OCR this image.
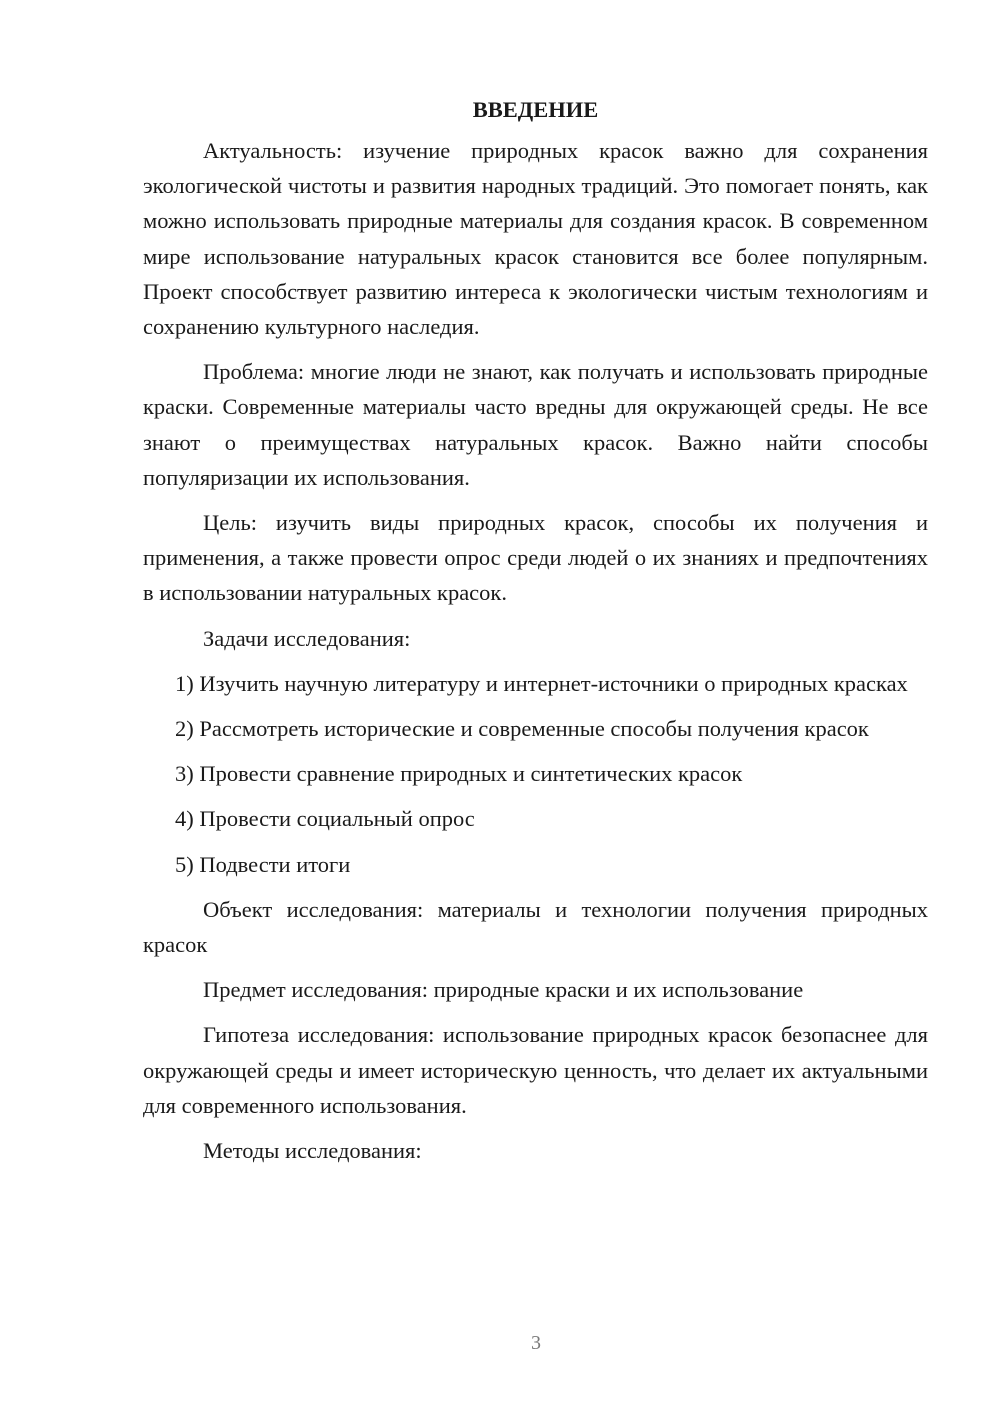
ВВЕДЕНИЕ

Актуальность: изучение природных красок важно для сохранения экологической чистоты и развития народных традиций. Это помогает понять, как можно использовать природные материалы для создания красок. В современном мире использование натуральных красок становится все более популярным. Проект способствует развитию интереса к экологически чистым технологиям и сохранению культурного наследия.

Проблема: многие люди не знают, как получать и использовать природные краски. Современные материалы часто вредны для окружающей среды. Не все знают о преимуществах натуральных красок. Важно найти способы популяризации их использования.

Цель: изучить виды природных красок, способы их получения и применения, а также провести опрос среди людей о их знаниях и предпочтениях в использовании натуральных красок.

Задачи исследования:

1) Изучить научную литературу и интернет-источники о природных красках

2) Рассмотреть исторические и современные способы получения красок

3) Провести сравнение природных и синтетических красок

4) Провести социальный опрос

5) Подвести итоги

Объект исследования: материалы и технологии получения природных красок

Предмет исследования: природные краски и их использование

Гипотеза исследования: использование природных красок безопаснее для окружающей среды и имеет историческую ценность, что делает их актуальными для современного использования.

Методы исследования:

3
